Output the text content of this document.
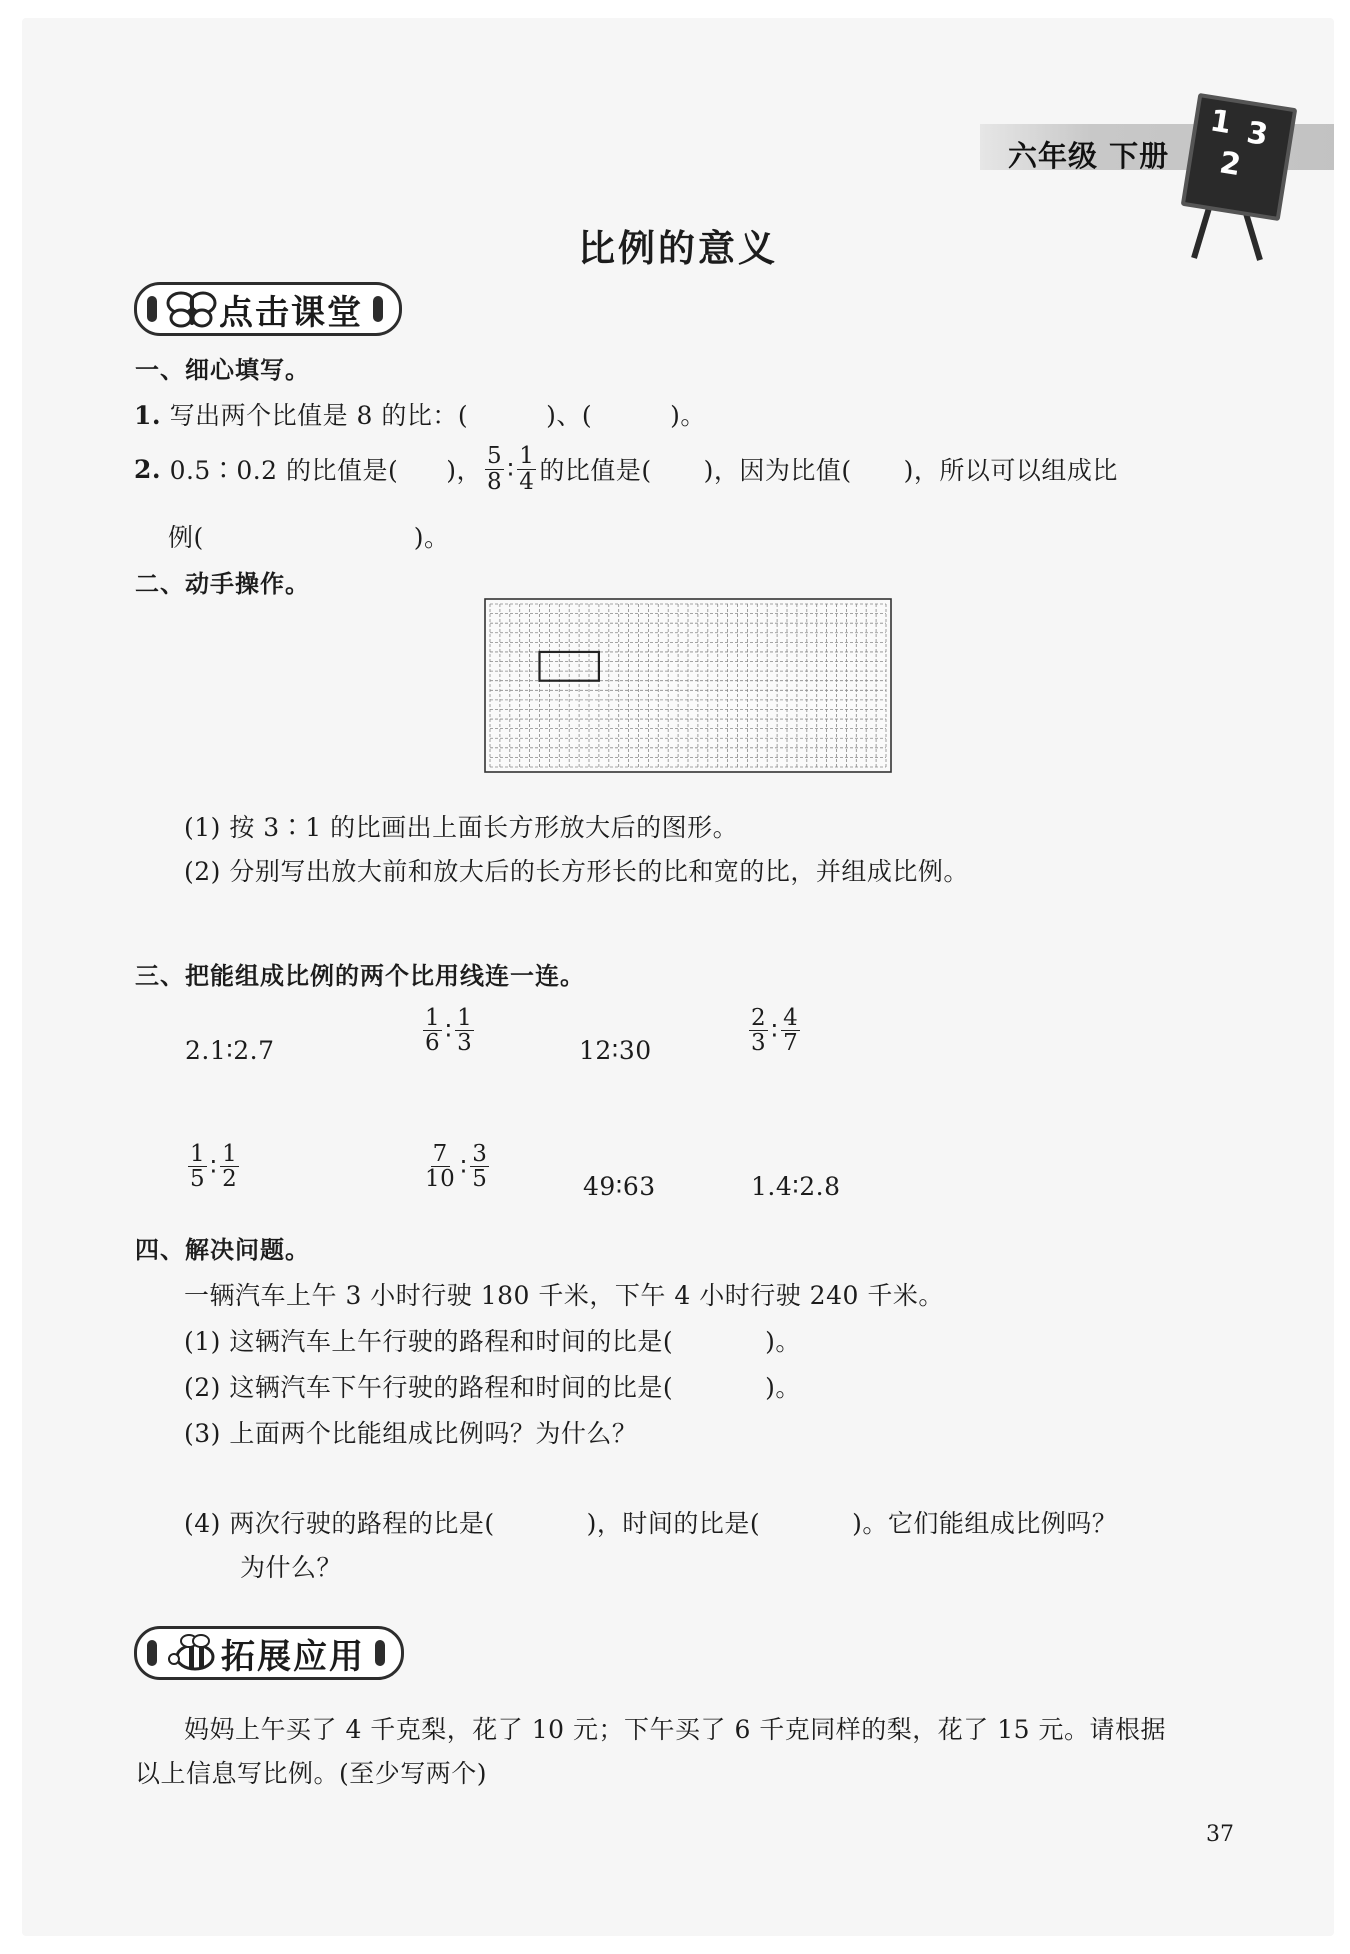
六年级 下册
1 3
2
比例的意义
点击课堂
一、细心填写。
1. 写出两个比值是 8 的比：(	)、(	)。
2.
0.5∶0.2 的比值是( )， $\frac{5}{8}$ ∶ $\frac{1}{4}$ 的比值是( )，因为比值( )，所以可以组成比
例(	)。
二、动手操作。
(1) 按 3∶1 的比画出上面长方形放大后的图形。
(2) 分别写出放大前和放大后的长方形长的比和宽的比，并组成比例。
三、把能组成比例的两个比用线连一连。
2.1∶2.7	$\frac{1}{6}$ ∶ $\frac{1}{3}$	12∶30	$\frac{2}{3}$ ∶ $\frac{4}{7}$
$\frac{1}{5}$ ∶ $\frac{1}{2}$	$\frac{7}{10}$ ∶ $\frac{3}{5}$	49∶63	1.4∶2.8
四、解决问题。
一辆汽车上午 3 小时行驶 180 千米，下午 4 小时行驶 240 千米。
(1) 这辆汽车上午行驶的路程和时间的比是(	)。
(2) 这辆汽车下午行驶的路程和时间的比是(	)。
(3) 上面两个比能组成比例吗？为什么？
(4) 两次行驶的路程的比是(	)，时间的比是(	)。它们能组成比例吗？
为什么？
拓展应用
妈妈上午买了 4 千克梨，花了 10 元；下午买了 6 千克同样的梨，花了 15 元。请根据
以上信息写比例。(至少写两个)
37
